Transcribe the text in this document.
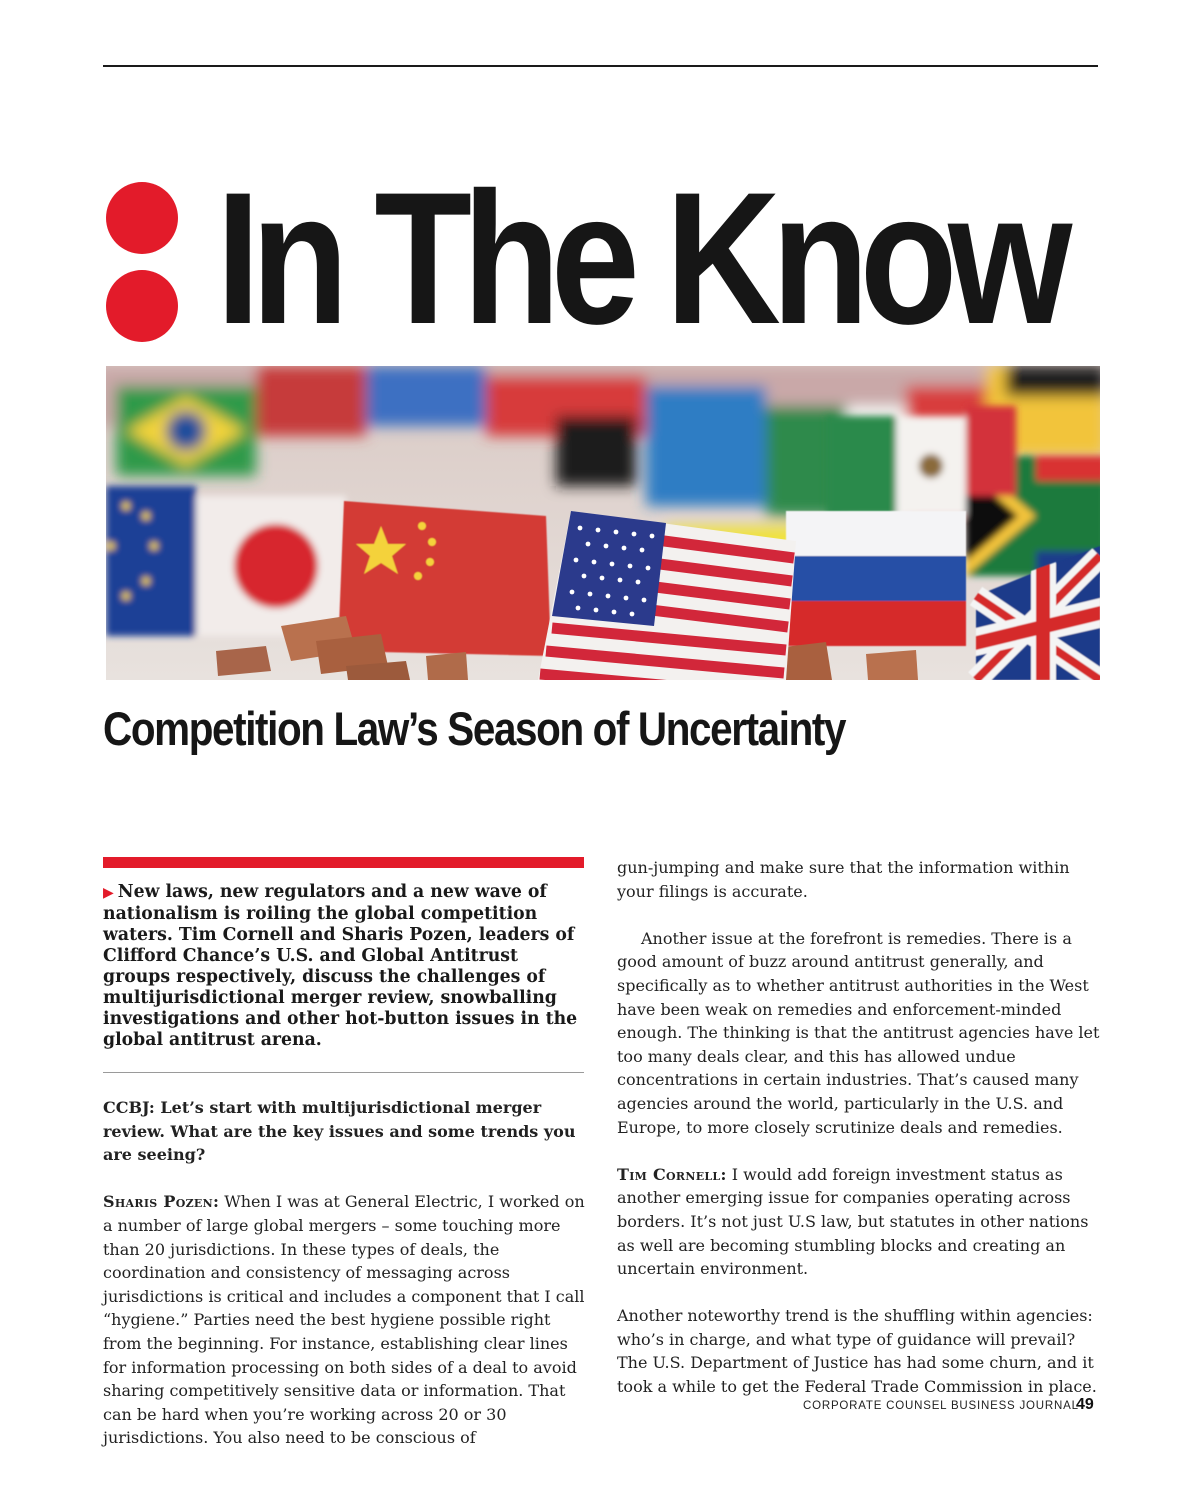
In The Know
Competition Law’s Season of Uncertainty
▶ New laws, new regulators and a new wave of nationalism is roiling the global competition waters. Tim Cornell and Sharis Pozen, leaders of Clifford Chance’s U.S. and Global Antitrust groups respectively, discuss the challenges of multijurisdictional merger review, snowballing investigations and other hot-button issues in the global antitrust arena.

CCBJ: Let’s start with multijurisdictional merger review. What are the key issues and some trends you are seeing?

Sharis Pozen: When I was at General Electric, I worked on a number of large global mergers – some touching more than 20 jurisdictions. In these types of deals, the coordination and consistency of messaging across jurisdictions is critical and includes a component that I call “hygiene.” Parties need the best hygiene possible right from the beginning. For instance, establishing clear lines for information processing on both sides of a deal to avoid sharing competitively sensitive data or information. That can be hard when you’re working across 20 or 30 jurisdictions. You also need to be conscious of

gun-jumping and make sure that the information within your filings is accurate.

Another issue at the forefront is remedies. There is a good amount of buzz around antitrust generally, and specifically as to whether antitrust authorities in the West have been weak on remedies and enforcement-minded enough. The thinking is that the antitrust agencies have let too many deals clear, and this has allowed undue concentrations in certain industries. That’s caused many agencies around the world, particularly in the U.S. and Europe, to more closely scrutinize deals and remedies.

Tim Cornell: I would add foreign investment status as another emerging issue for companies operating across borders. It’s not just U.S law, but statutes in other nations as well are becoming stumbling blocks and creating an uncertain environment.

Another noteworthy trend is the shuffling within agencies: who’s in charge, and what type of guidance will prevail? The U.S. Department of Justice has had some churn, and it took a while to get the Federal Trade Commission in place.

CORPORATE COUNSEL BUSINESS JOURNAL
49
